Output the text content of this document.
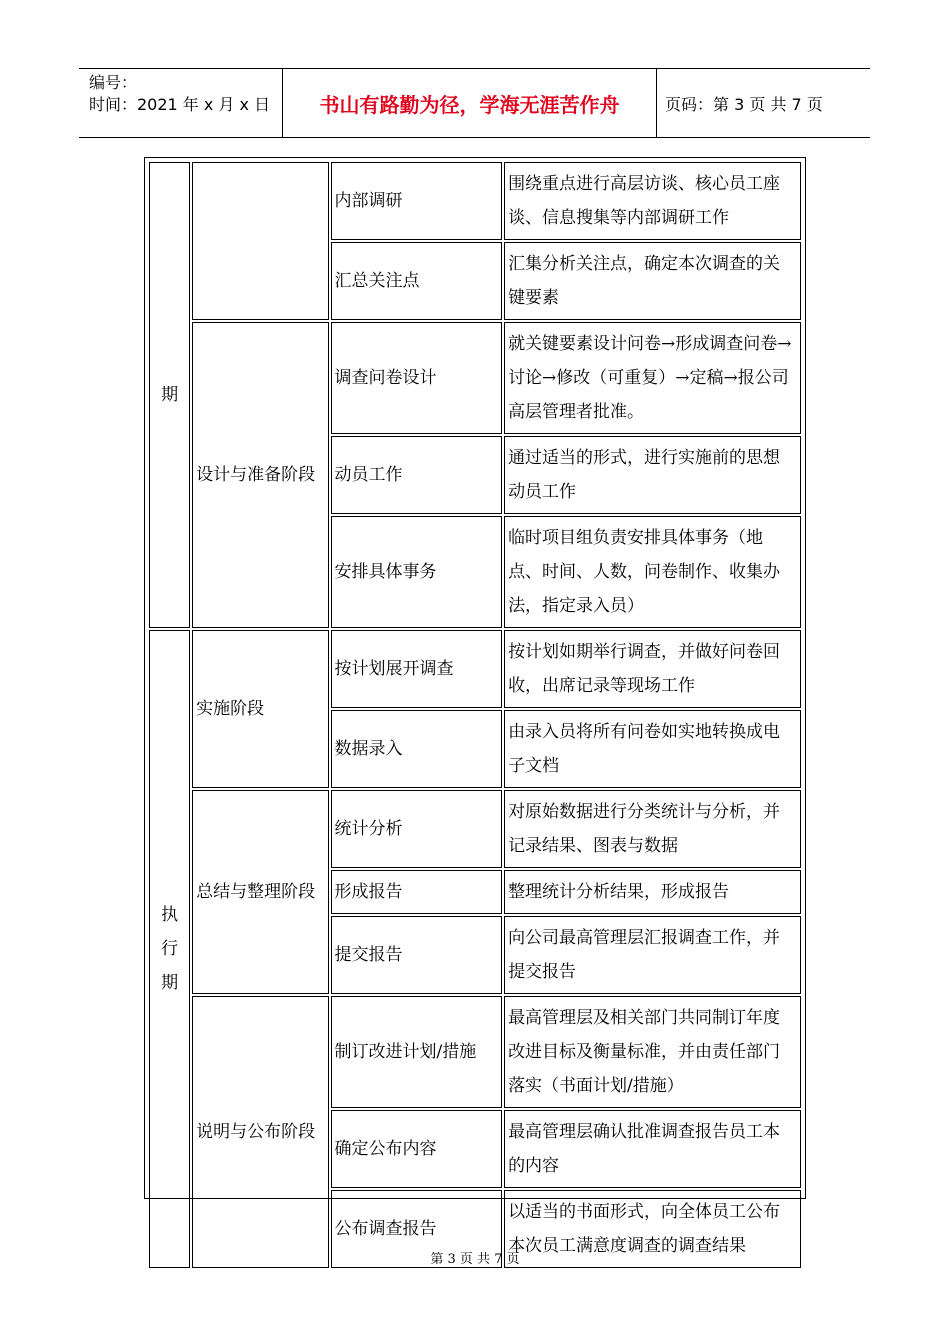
编号：
时间：2021 年 x 月 x 日	书山有路勤为径，学海无涯苦作舟	页码：第 3 页 共 7 页
期		内部调研	围绕重点进行高层访谈、核心员工座谈、信息搜集等内部调研工作
		汇总关注点	汇集分析关注点，确定本次调查的关键要素
	设计与准备阶段	调查问卷设计	就关键要素设计问卷→形成调查问卷→讨论→修改（可重复）→定稿→报公司高层管理者批准。
		动员工作	通过适当的形式，进行实施前的思想动员工作
		安排具体事务	临时项目组负责安排具体事务（地点、时间、人数，问卷制作、收集办法，指定录入员）
执
行
期	实施阶段	按计划展开调查	按计划如期举行调查，并做好问卷回收，出席记录等现场工作
		数据录入	由录入员将所有问卷如实地转换成电子文档
	总结与整理阶段	统计分析	对原始数据进行分类统计与分析，并记录结果、图表与数据
		形成报告	整理统计分析结果，形成报告
		提交报告	向公司最高管理层汇报调查工作，并提交报告
	说明与公布阶段	制订改进计划/措施	最高管理层及相关部门共同制订年度改进目标及衡量标准，并由责任部门落实（书面计划/措施）
		确定公布内容	最高管理层确认批准调查报告员工本的内容
		公布调查报告	以适当的书面形式，向全体员工公布本次员工满意度调查的调查结果
第 3 页 共 7 页
